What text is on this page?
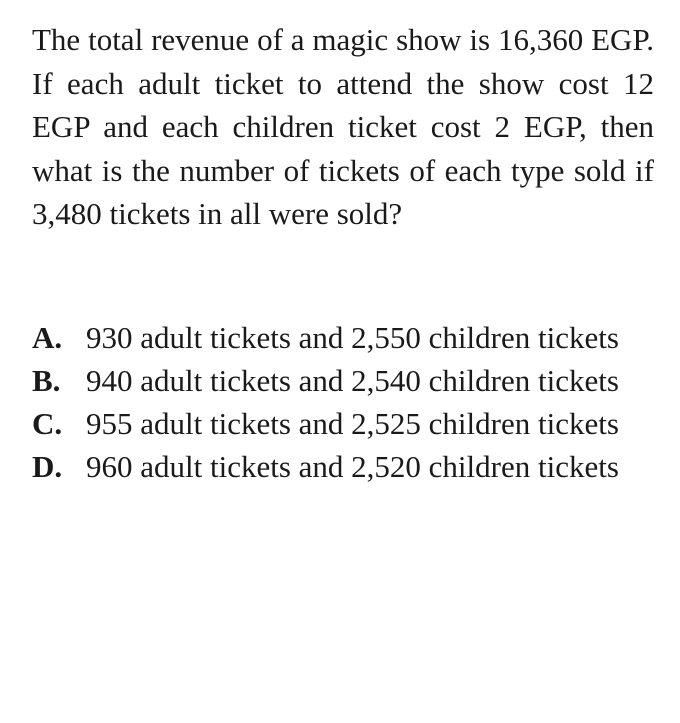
The total revenue of a magic show is 16,360 EGP. If each adult ticket to attend the show cost 12 EGP and each children ticket cost 2 EGP, then what is the number of tickets of each type sold if 3,480 tickets in all were sold?
A. 930 adult tickets and 2,550 children tickets
B. 940 adult tickets and 2,540 children tickets
C. 955 adult tickets and 2,525 children tickets
D. 960 adult tickets and 2,520 children tickets
